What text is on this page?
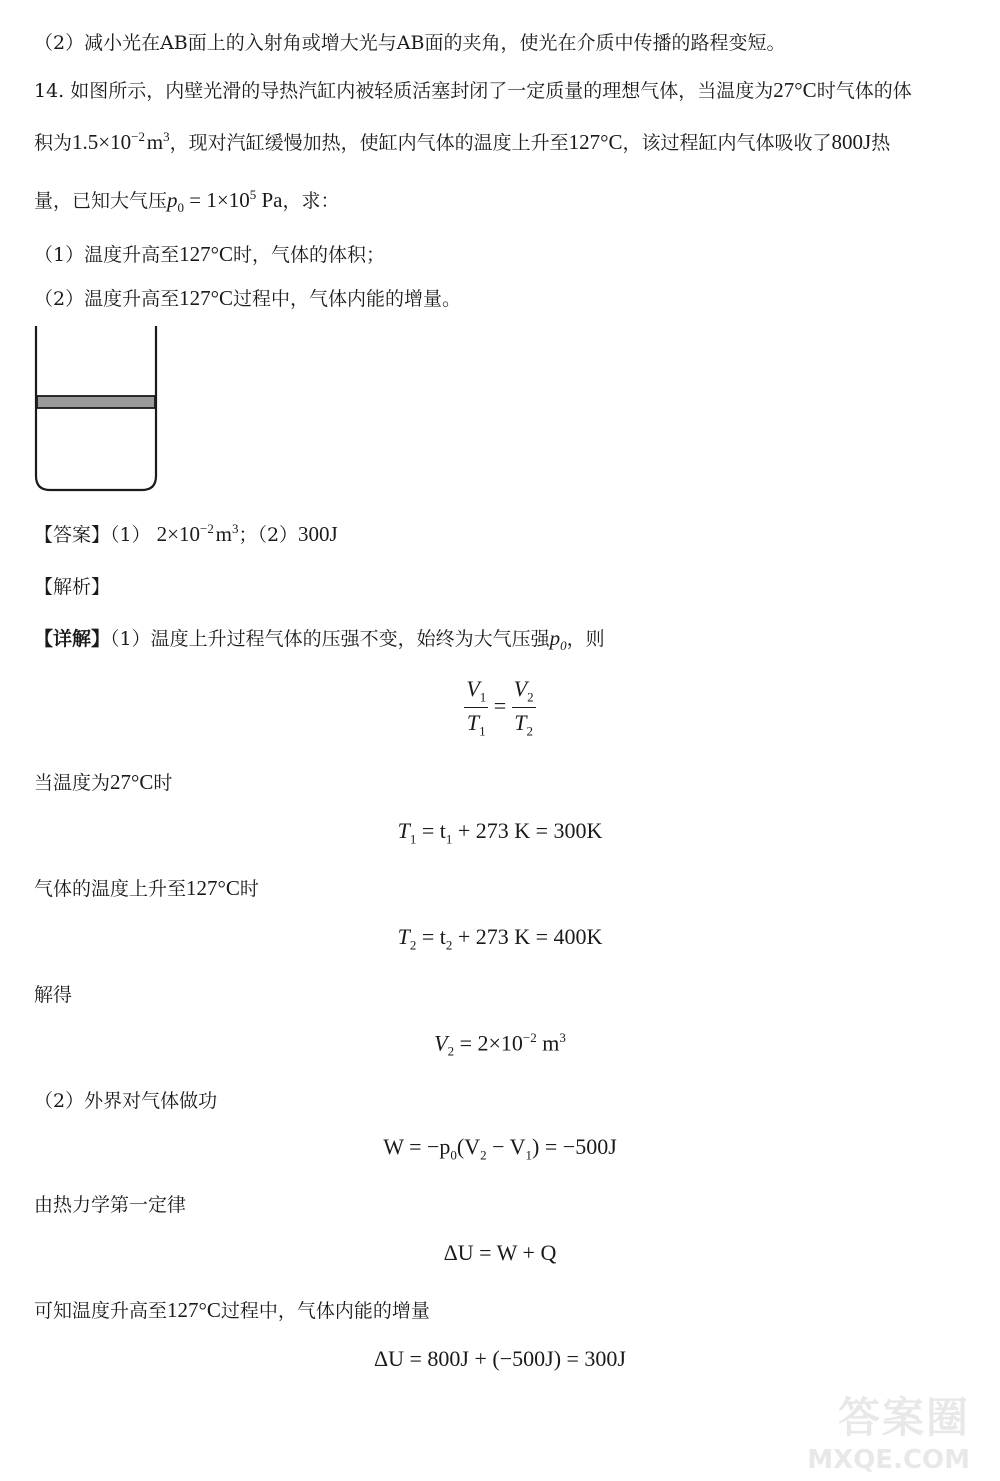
（2）减小光在AB面上的入射角或增大光与AB面的夹角，使光在介质中传播的路程变短。
14. 如图所示，内壁光滑的导热汽缸内被轻质活塞封闭了一定质量的理想气体，当温度为27°C时气体的体
积为$1.5\times 10^{-2}$ $m^3$，现对汽缸缓慢加热，使缸内气体的温度上升至127°C，该过程缸内气体吸收了800J热
量，已知大气压$p_0 = 1\times 10^5$ Pa，求：
（1）温度升高至127°C时，气体的体积；
（2）温度升高至127°C过程中，气体内能的增量。
【答案】（1） $2\times 10^{-2}$ $m^3$；（2）300J
【解析】
【详解】（1）温度上升过程气体的压强不变，始终为大气压强$p_0$，则
$\frac{V_1}{T_1} = \frac{V_2}{T_2}$
当温度为27°C时
$T_1 = t_1 + 273$ K = 300K
气体的温度上升至127°C时
$T_2 = t_2 + 273$ K = 400K
解得
$V_2 = 2\times 10^{-2}$ $m^3$
（2）外界对气体做功
$W = -p_0(V_2 - V_1) = -500J$
由热力学第一定律
ΔU = W + Q
可知温度升高至127°C过程中，气体内能的增量
ΔU = 800J + (−500J) = 300J
答案圈
MXQE.COM
